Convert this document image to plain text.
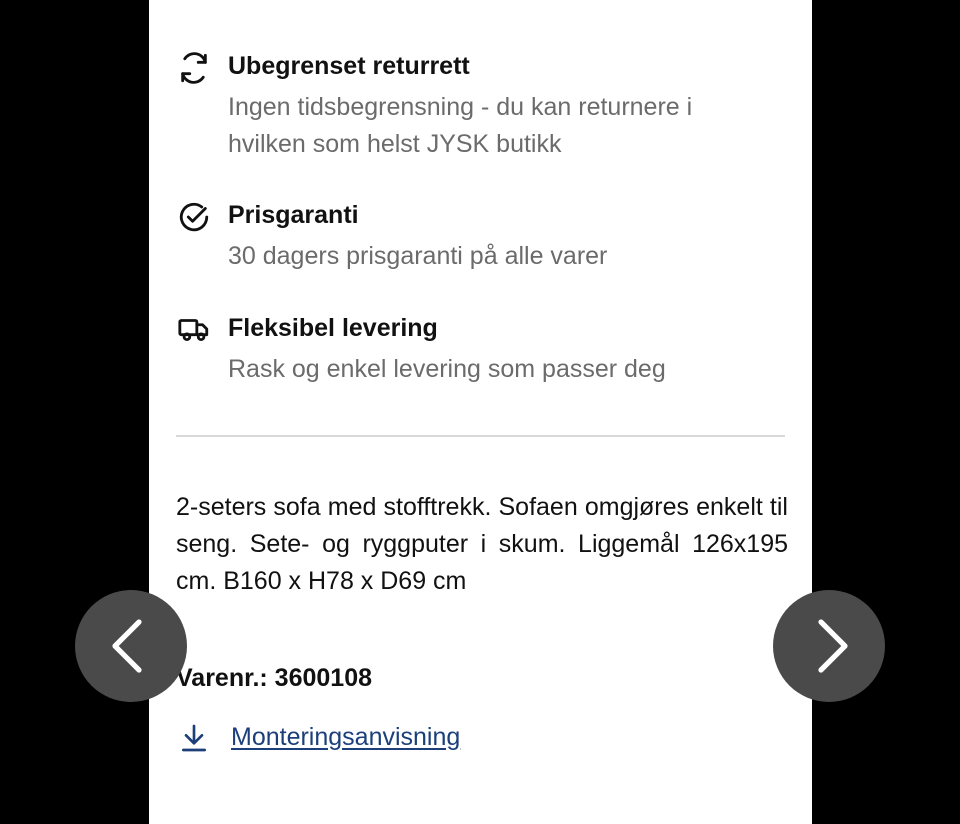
Ubegrenset returrett
Ingen tidsbegrensning - du kan returnere i hvilken som helst JYSK butikk
Prisgaranti
30 dagers prisgaranti på alle varer
Fleksibel levering
Rask og enkel levering som passer deg
2-seters sofa med stofftrekk. Sofaen omgjøres enkelt til seng. Sete- og ryggputer i skum. Liggemål 126x195 cm. B160 x H78 x D69 cm
Varenr.: 3600108
Monteringsanvisning
